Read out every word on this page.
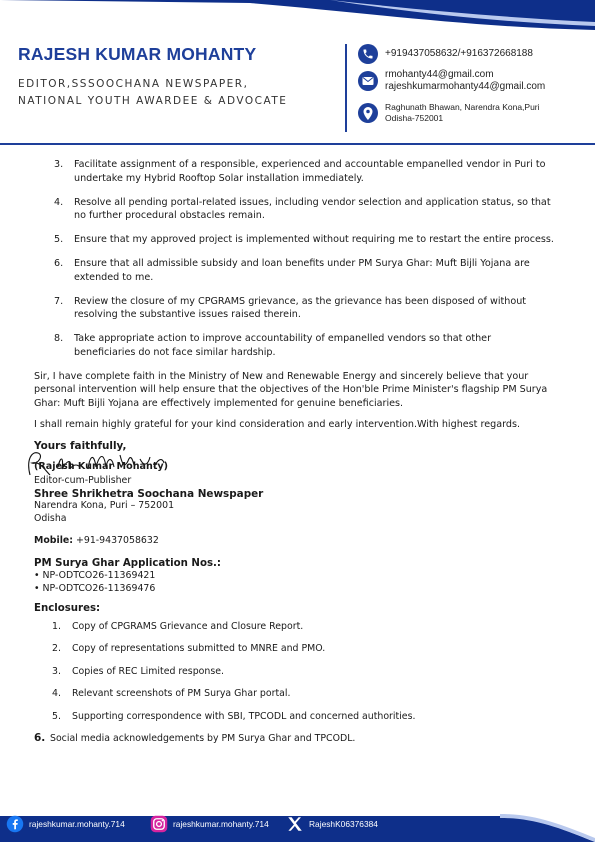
RAJESH KUMAR MOHANTY
EDITOR,SSSOOCHANA NEWSPAPER,
NATIONAL YOUTH AWARDEE & ADVOCATE
+919437058632/+916372668188
rmohanty44@gmail.com
rajeshkumarmohanty44@gmail.com
Raghunath Bhawan, Narendra Kona,Puri
Odisha-752001
3.	Facilitate assignment of a responsible, experienced and accountable empanelled vendor in Puri to undertake my Hybrid Rooftop Solar installation immediately.
4.	Resolve all pending portal-related issues, including vendor selection and application status, so that no further procedural obstacles remain.
5.	Ensure that my approved project is implemented without requiring me to restart the entire process.
6.	Ensure that all admissible subsidy and loan benefits under PM Surya Ghar: Muft Bijli Yojana are extended to me.
7.	Review the closure of my CPGRAMS grievance, as the grievance has been disposed of without resolving the substantive issues raised therein.
8.	Take appropriate action to improve accountability of empanelled vendors so that other beneficiaries do not face similar hardship.

Sir, I have complete faith in the Ministry of New and Renewable Energy and sincerely believe that your personal intervention will help ensure that the objectives of the Hon'ble Prime Minister's flagship PM Surya Ghar: Muft Bijli Yojana are effectively implemented for genuine beneficiaries.

I shall remain highly grateful for your kind consideration and early intervention.With highest regards.

Yours faithfully,

(Rajesh Kumar Mohanty)

Editor-cum-Publisher

Shree Shrikhetra Soochana Newspaper

Narendra Kona, Puri – 752001

Odisha

Mobile: +91-9437058632

PM Surya Ghar Application Nos.:

• NP-ODTCO26-11369421

• NP-ODTCO26-11369476

Enclosures:

1.	Copy of CPGRAMS Grievance and Closure Report.
2.	Copy of representations submitted to MNRE and PMO.
3.	Copies of REC Limited response.
4.	Relevant screenshots of PM Surya Ghar portal.
5.	Supporting correspondence with SBI, TPCODL and concerned authorities.
6. Social media acknowledgements by PM Surya Ghar and TPCODL.
rajeshkumar.mohanty.714	rajeshkumar.mohanty.714	RajeshK06376384
